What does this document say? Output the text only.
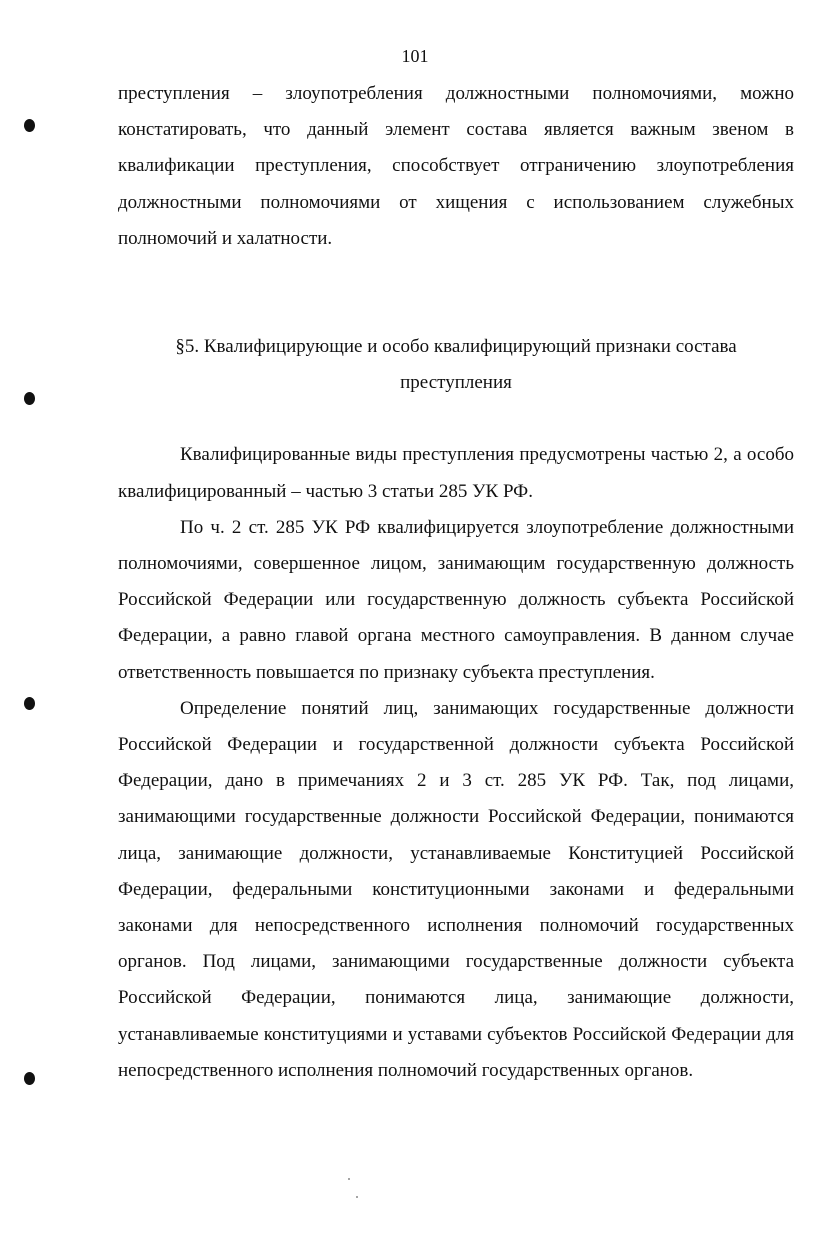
101

преступления – злоупотребления должностными полномочиями, можно констатировать, что данный элемент состава является важным звеном в квалификации преступления, способствует отграничению злоупотребления должностными полномочиями от хищения с использованием служебных полномочий и халатности.

§5. Квалифицирующие и особо квалифицирующий признаки состава
преступления

Квалифицированные виды преступления предусмотрены частью 2, а особо квалифицированный – частью 3 статьи 285 УК РФ.

По ч. 2 ст. 285 УК РФ квалифицируется злоупотребление должностными полномочиями, совершенное лицом, занимающим государственную должность Российской Федерации или государственную должность субъекта Российской Федерации, а равно главой органа местного самоуправления. В данном случае ответственность повышается по признаку субъекта преступления.

Определение понятий лиц, занимающих государственные должности Российской Федерации и государственной должности субъекта Российской Федерации, дано в примечаниях 2 и 3 ст. 285 УК РФ. Так, под лицами, занимающими государственные должности Российской Федерации, понимаются лица, занимающие должности, устанавливаемые Конституцией Российской Федерации, федеральными конституционными законами и федеральными законами для непосредственного исполнения полномочий государственных органов. Под лицами, занимающими государственные должности субъекта Российской Федерации, понимаются лица, занимающие должности, устанавливаемые конституциями и уставами субъектов Российской Федерации для непосредственного исполнения полномочий государственных органов.
